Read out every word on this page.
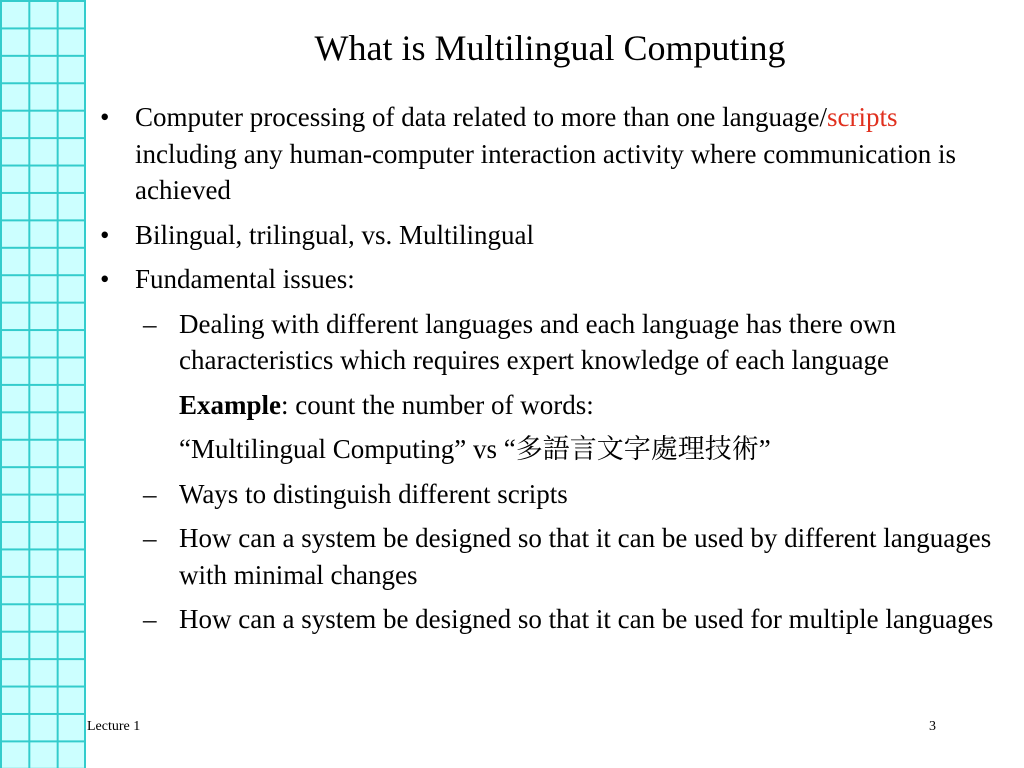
What is Multilingual Computing
• Computer processing of data related to more than one language/scripts including any human-computer interaction activity where communication is achieved
• Bilingual, trilingual, vs. Multilingual
• Fundamental issues:
– Dealing with different languages and each language has there own characteristics which requires expert knowledge of each language
Example: count the number of words:
“Multilingual Computing” vs “多語言文字處理技術”
– Ways to distinguish different scripts
– How can a system be designed so that it can be used by different languages with minimal changes
– How can a system be designed so that it can be used for multiple languages
Lecture 1	3
